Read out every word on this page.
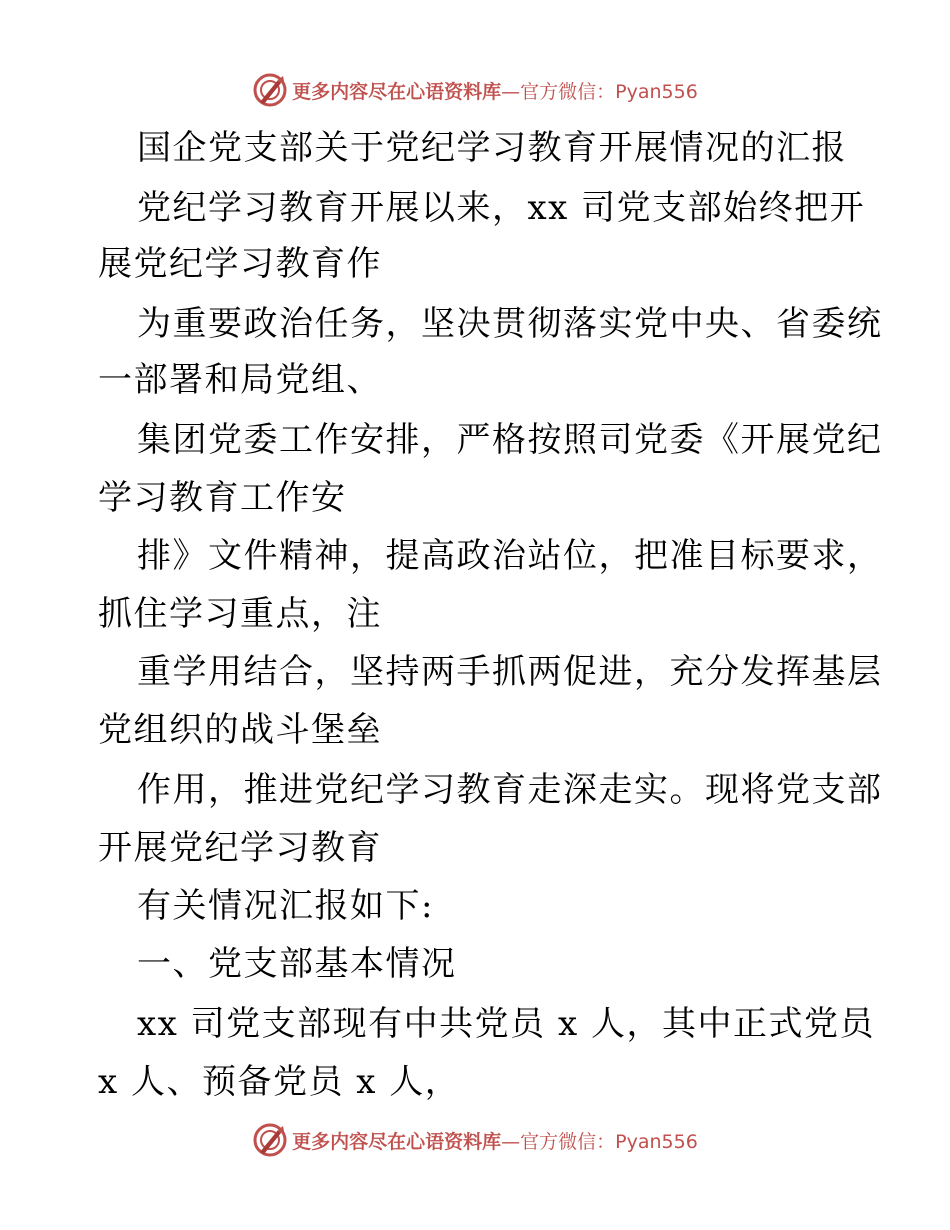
更多内容尽在心语资料库 —官方微信：Pyan556
国企党支部关于党纪学习教育开展情况的汇报
党纪学习教育开展以来，xx 司党支部始终把开
展党纪学习教育作
为重要政治任务，坚决贯彻落实党中央、省委统
一部署和局党组、
集团党委工作安排，严格按照司党委《开展党纪
学习教育工作安
排》文件精神，提高政治站位，把准目标要求，
抓住学习重点，注
重学用结合，坚持两手抓两促进，充分发挥基层
党组织的战斗堡垒
作用，推进党纪学习教育走深走实。现将党支部
开展党纪学习教育
有关情况汇报如下:
一、党支部基本情况
xx 司党支部现有中共党员 x 人，其中正式党员
x 人、预备党员 x 人，
更多内容尽在心语资料库 —官方微信：Pyan556
